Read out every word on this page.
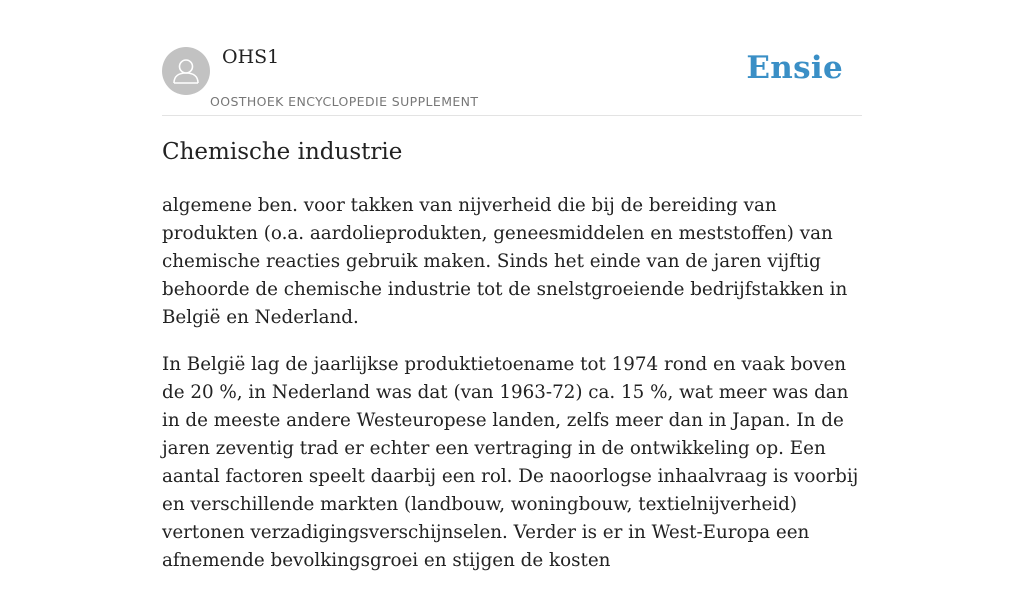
OHS1
OOSTHOEK ENCYCLOPEDIE SUPPLEMENT
Ensie
Chemische industrie

algemene ben. voor takken van nijverheid die bij de bereiding van produkten (o.a. aardolieprodukten, geneesmiddelen en meststoffen) van chemische reacties gebruik maken. Sinds het einde van de jaren vijftig behoorde de chemische industrie tot de snelstgroeiende bedrijfstakken in België en Nederland.

In België lag de jaarlijkse produktietoename tot 1974 rond en vaak boven de 20 %, in Nederland was dat (van 1963-72) ca. 15 %, wat meer was dan in de meeste andere Westeuropese landen, zelfs meer dan in Japan. In de jaren zeventig trad er echter een vertraging in de ontwikkeling op. Een aantal factoren speelt daarbij een rol. De naoorlogse inhaalvraag is voorbij en verschillende markten (landbouw, woningbouw, textielnijverheid) vertonen verzadigingsverschijnselen. Verder is er in West-Europa een afnemende bevolkingsgroei en stijgen de kosten
